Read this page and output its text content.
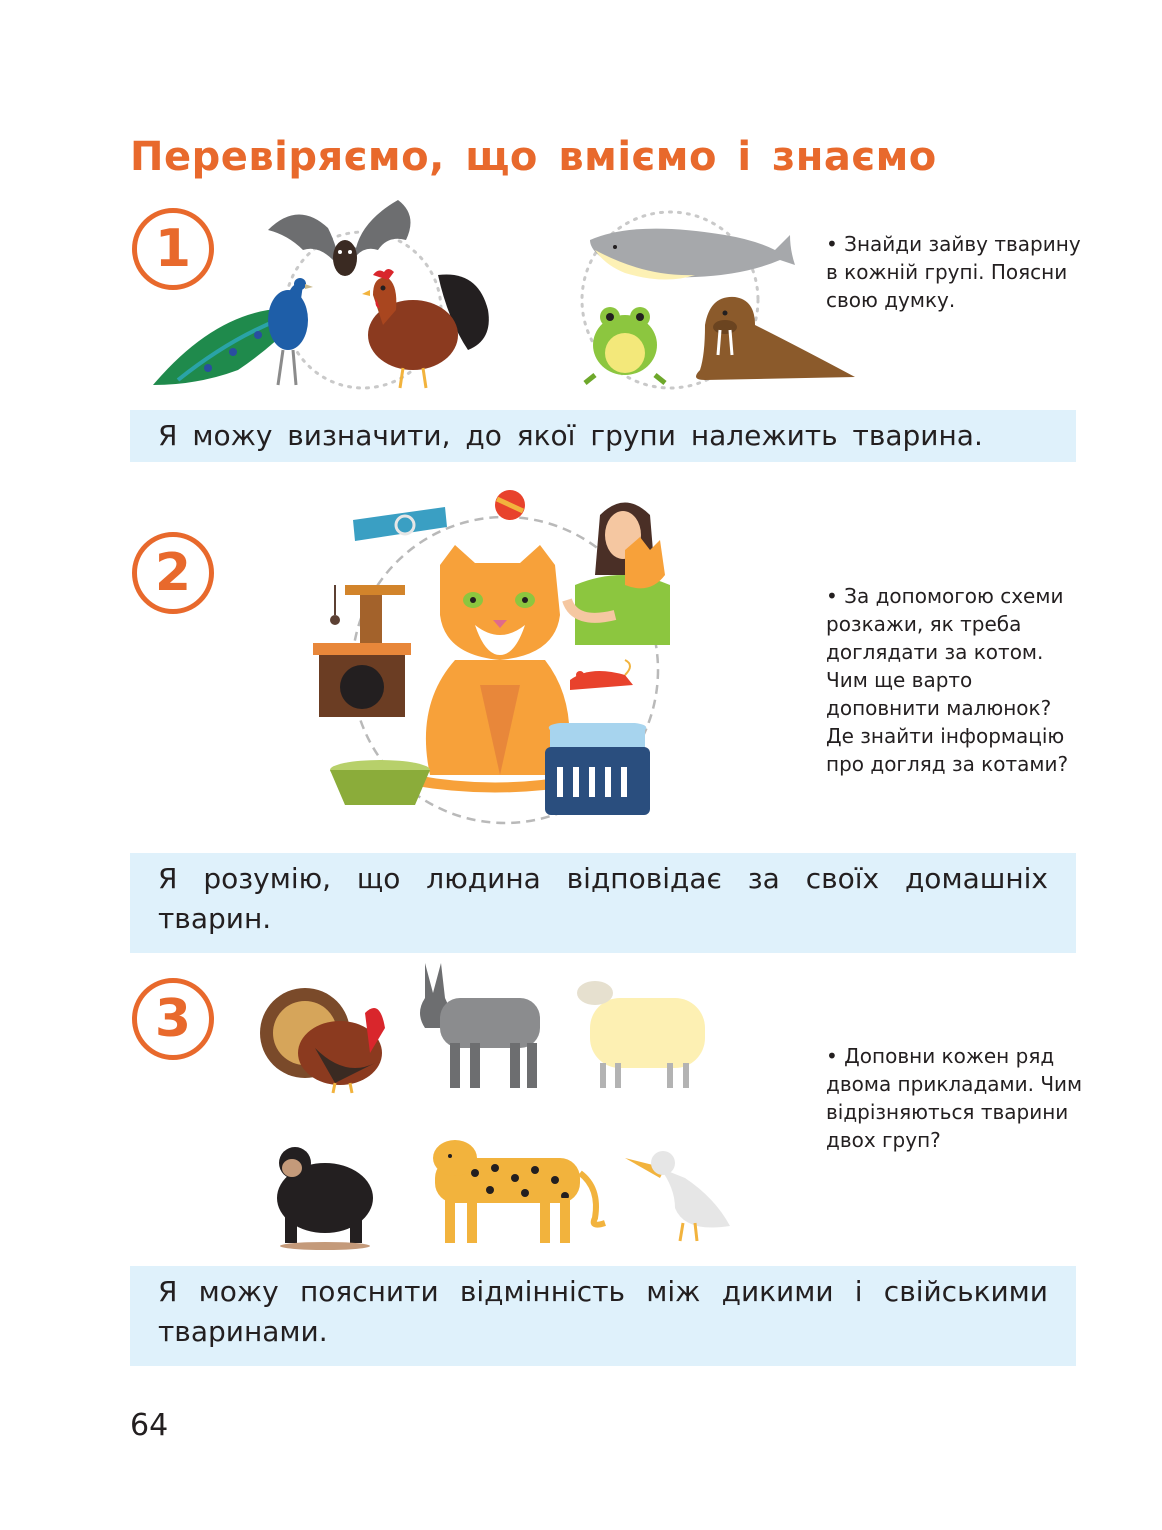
Перевіряємо, що вміємо і знаємо
1	• Знайди зайву тварину
в кожній групі. Поясни
свою думку.
Я можу визначити, до якої групи належить тварина.
2	• За допомогою схеми
розкажи, як треба
доглядати за котом.
Чим ще варто
доповнити малюнок?
Де знайти інформацію
про догляд за котами?
Я розумію, що людина відповідає за своїх домашніх
тварин.
3
• Доповни кожен ряд
двома прикладами. Чим
відрізняються тварини
двох груп?
Я можу пояснити відмінність між дикими і свійськими
тваринами.
64
